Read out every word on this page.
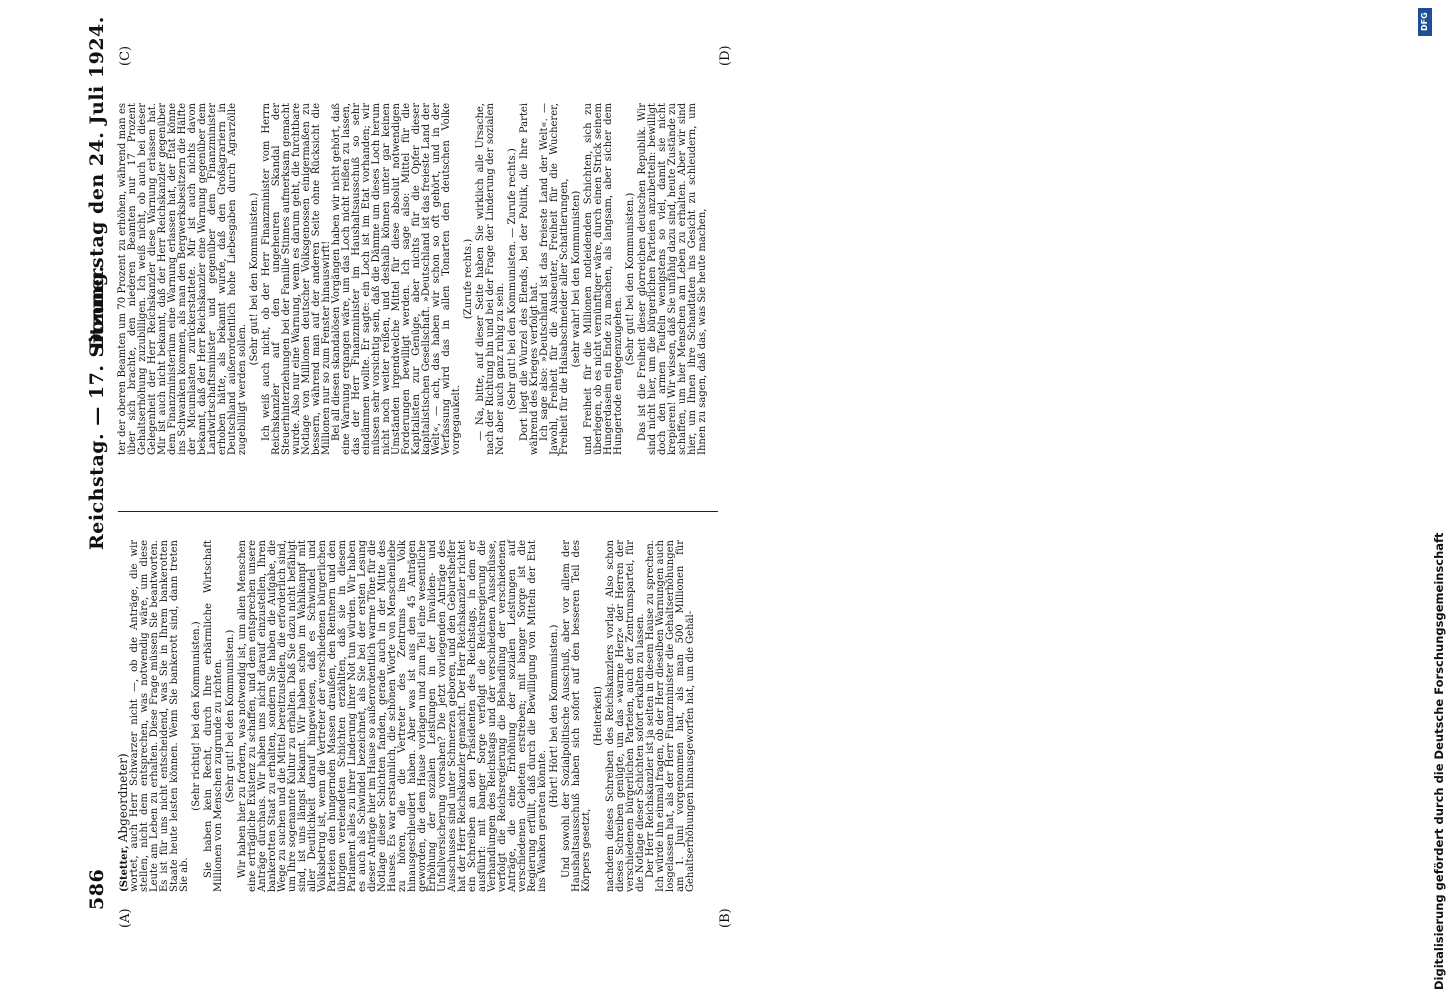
586
Reichstag. — 17. Sitzung.
Donnerstag den 24. Juli 1924.
(A)	(B)
(C)	(D)

(Stetter, Abgeordneter) wortet, auch Herr Schwarzer nicht —, ob die Anträge, die wir stellen, nicht dem entsprechen, was notwendig wäre, um diese Leute am Leben zu erhalten. Diese Frage müssen Sie beantworten. Es ist für uns nicht entscheidend, was Sie in Ihrem bankerotten Staate heute leisten können. Wenn Sie bankerott sind, dann treten Sie ab.

(Sehr richtig! bei den Kommunisten.) Sie haben kein Recht, durch Ihre erbärmliche Wirtschaft Millionen von Menschen zugrunde zu richten. (Sehr gut! bei den Kommunisten.) Wir haben hier zu fordern, was notwendig ist, um allen Menschen eine erträgliche Existenz zu schaffen, und dem entsprechen unsere Anträge durchaus. Wir haben uns nicht darauf einzustellen, Ihren bankerotten Staat zu erhalten, sondern Sie haben die Aufgabe, die Wege zu suchen und die Mittel bereitzustellen, die erforderlich sind, um Ihre sogenannte Kultur zu erhalten. Daß Sie dazu nicht befähigt sind, ist uns längst bekannt. Wir haben schon im Wahlkampf mit aller Deutlichkeit darauf hingewiesen, daß es Schwindel und Volksbetrug ist, wenn die Vertreter der verschiedenen bürgerlichen Parteien den hungernden Massen draußen, den Rentnern und den übrigen verelendeten Schichten erzählten, daß sie in diesem Parlament alles zu ihrer Linderung ihrer Not tun würden. Wir haben es auch als Schwindel bezeichnet, als Sie bei der ersten Lesung dieser Anträge hier im Hause so außerordentlich warme Töne für die Notlage dieser Schichten fanden, gerade auch in der Mitte des Hauses. Es war erstaunlich, die schönen Worte von Menschenliebe zu hören, die die Vertreter des Zentrums ins Volk hinausgeschleudert haben. Aber was ist aus den 45 Anträgen geworden, die dem Hause vorlagen und zum Teil eine wesentliche Erhöhung der sozialen Leistungen in der Invaliden- und Unfallversicherung vorsahen? Die jetzt vorliegenden Anträge des Ausschusses sind unter Schmerzen geboren, und den Geburtshelfer hat der Herr Reichskanzler gemacht. Der Herr Reichskanzler richtet ein Schreiben an den Präsidenten des Reichstags, in dem er ausführt: mit banger Sorge verfolgt die Reichsregierung die Verhandlungen des Reichstags und der verschiedenen Ausschüsse, verfolgt die Reichsregierung die Behandlung der verschiedenen Anträge, die eine Erhöhung der sozialen Leistungen auf verschiedenen Gebieten erstreben; mit banger Sorge ist die Regierung erfüllt, daß durch die Bewilligung von Mitteln der Etat ins Wanken geraten könnte.

(Hört! Hört! bei den Kommunisten.) Und sowohl der Sozialpolitische Ausschuß, aber vor allem der Haushaltsausschuß haben sich sofort auf den besseren Teil des Körpers gesetzt,

(Heiterkeit) nachdem dieses Schreiben des Reichskanzlers vorlag. Also schon dieses Schreiben genügte, um das »warme Herz« der Herren der verschiedenen bürgerlichen Parteien, auch der Zentrumspartei, für die Notlage dieser Schichten sofort erkalten zu lassen. Der Herr Reichskanzler ist ja selten in diesem Hause zu sprechen. Ich würde ihn einmal fragen, ob der Herr dieselben Warnungen auch losgelassen hat, als der Herr Finanzminister die Gehaltserhöhungen am 1. Juni vorgenommen hat, als man 500 Millionen für Gehaltserhöhungen hinausgeworfen hat, um die Gehäl-

ter der oberen Beamten um 70 Prozent zu erhöhen, während man es über sich brachte, den niederen Beamten nur 17 Prozent Gehaltserhöhung zuzubilligen. Ich weiß nicht, ob auch bei dieser Gelegenheit der Herr Reichskanzler diese Warnung erlassen hat. Mir ist auch nicht bekannt, daß der Herr Reichskanzler gegenüber dem Finanzministerium eine Warnung erlassen hat, der Etat könne ins Schwanken kommen, als man den Bergwerksbesitzern die Hälfte der Micumlasten zurückerstattete. Mir ist auch nichts davon bekannt, daß der Herr Reichskanzler eine Warnung gegenüber dem Landwirtschaftsminister und gegenüber dem Finanzminister erhoben hätte, als bekannt wurde, daß den Großagrariern in Deutschland außerordentlich hohe Liebesgaben durch Agrarzölle zugebilligt werden sollen.

(Sehr gut! bei den Kommunisten.) Ich weiß auch nicht, ob der Herr Finanzminister vom Herrn Reichskanzler auf den ungeheuren Skandal der Steuerhinterziehungen bei der Familie Stinnes aufmerksam gemacht wurde. Also nur eine Warnung, wenn es darum geht, die furchtbare Notlage von Millionen deutscher Volksgenossen einigermaßen zu bessern, während man auf der anderen Seite ohne Rücksicht die Millionen nur so zum Fenster hinauswirft! Bei all diesen skandalösen Vorgängen haben wir nicht gehört, daß eine Warnung ergangen wäre, um das Loch nicht reißen zu lassen, das der Herr Finanzminister im Haushaltsausschuß so sehr eindämmen wollte. Er sagte: ein Loch ist im Etat vorhanden; wir müssen sehr vorsichtig sein, daß die Dämme um dieses Loch herum nicht noch weiter reißen, und deshalb können unter gar keinen Umständen irgendwelche Mittel für diese absolut notwendigen Forderungen bewilligt werden. Ich sage also: Mittel für die Kapitalisten zur Genüge, aber nichts für die Opfer dieser kapitalistischen Gesellschaft. »Deutschland ist das freieste Land der Welt«, — ach, das haben wir schon so oft gehört, und in der Verfassung wird das in allen Tonarten den deutschen Volke vorgegaukelt.

(Zurufe rechts.) — Na, bitte, auf dieser Seite haben Sie wirklich alle Ursache, nach der Richtung hin und bei der Frage der Linderung der sozialen Not aber auch ganz ruhig zu sein. (Sehr gut! bei den Kommunisten. — Zurufe rechts.) Dort liegt die Wurzel des Elends, bei der Politik, die Ihre Partei während des Krieges verfolgt hat. Ich sage also: »Deutschland ist das freieste Land der Welt«. — Jawohl, Freiheit für die Ausbeuter, Freiheit für die Wucherer, Freiheit für die Halsabschneider aller Schattierungen, (sehr wahr! bei den Kommunisten) und Freiheit für die Millionen notleidenden Schichten, sich zu überlegen, ob es nicht vernünftiger wäre, durch einen Strick seinem Hungerdasein ein Ende zu machen, als langsam, aber sicher dem Hungertode entgegenzugehen.

(Sehr gut! bei den Kommunisten.) Das ist die Freiheit dieser glorreichen deutschen Republik. Wir sind nicht hier, um die bürgerlichen Parteien anzubetteln: bewilligt doch den armen Teufeln wenigstens so viel, damit sie nicht krepieren! Wir wissen, daß Sie unfähig dazu sind, heute Zustände zu schaffen, um hier Menschen am Leben zu erhalten. Aber wir sind hier, um Ihnen ihre Schandtaten ins Gesicht zu schleudern, um Ihnen zu sagen, daß das, was Sie heute machen,

DFG
Digitalisierung gefördert durch die Deutsche Forschungsgemeinschaft
